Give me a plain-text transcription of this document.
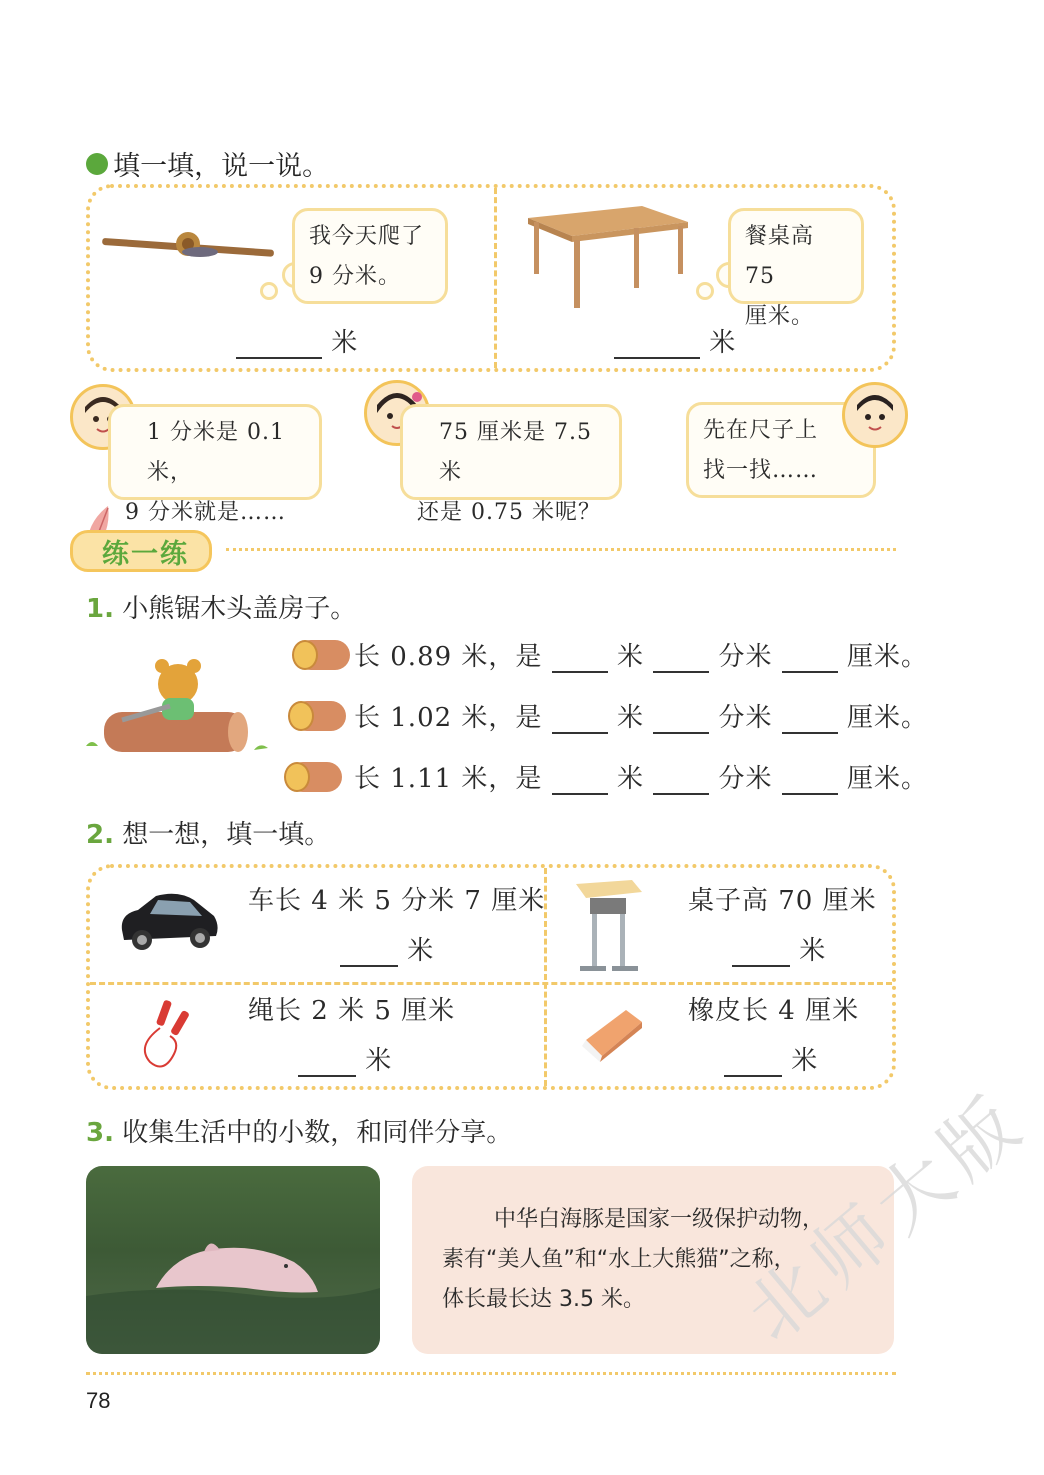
填一填，说一说。
我今天爬了
9 分米。
米
餐桌高 75
厘米。
米
1 分米是 0.1 米，
9 分米就是……
75 厘米是 7.5 米
还是 0.75 米呢？
先在尺子上
找一找……
练一练
1. 小熊锯木头盖房子。
长 0.89 米，是	米	分米	厘米。
长 1.02 米，是	米	分米	厘米。
长 1.11 米，是	米	分米	厘米。
2. 想一想，填一填。
车长 4 米 5 分米 7 厘米
米
桌子高 70 厘米
米
绳长 2 米 5 厘米
米
橡皮长 4 厘米
米
3. 收集生活中的小数，和同伴分享。
中华白海豚是国家一级保护动物，
素有“美人鱼”和“水上大熊猫”之称，
体长最长达 3.5 米。
78
北师大版
